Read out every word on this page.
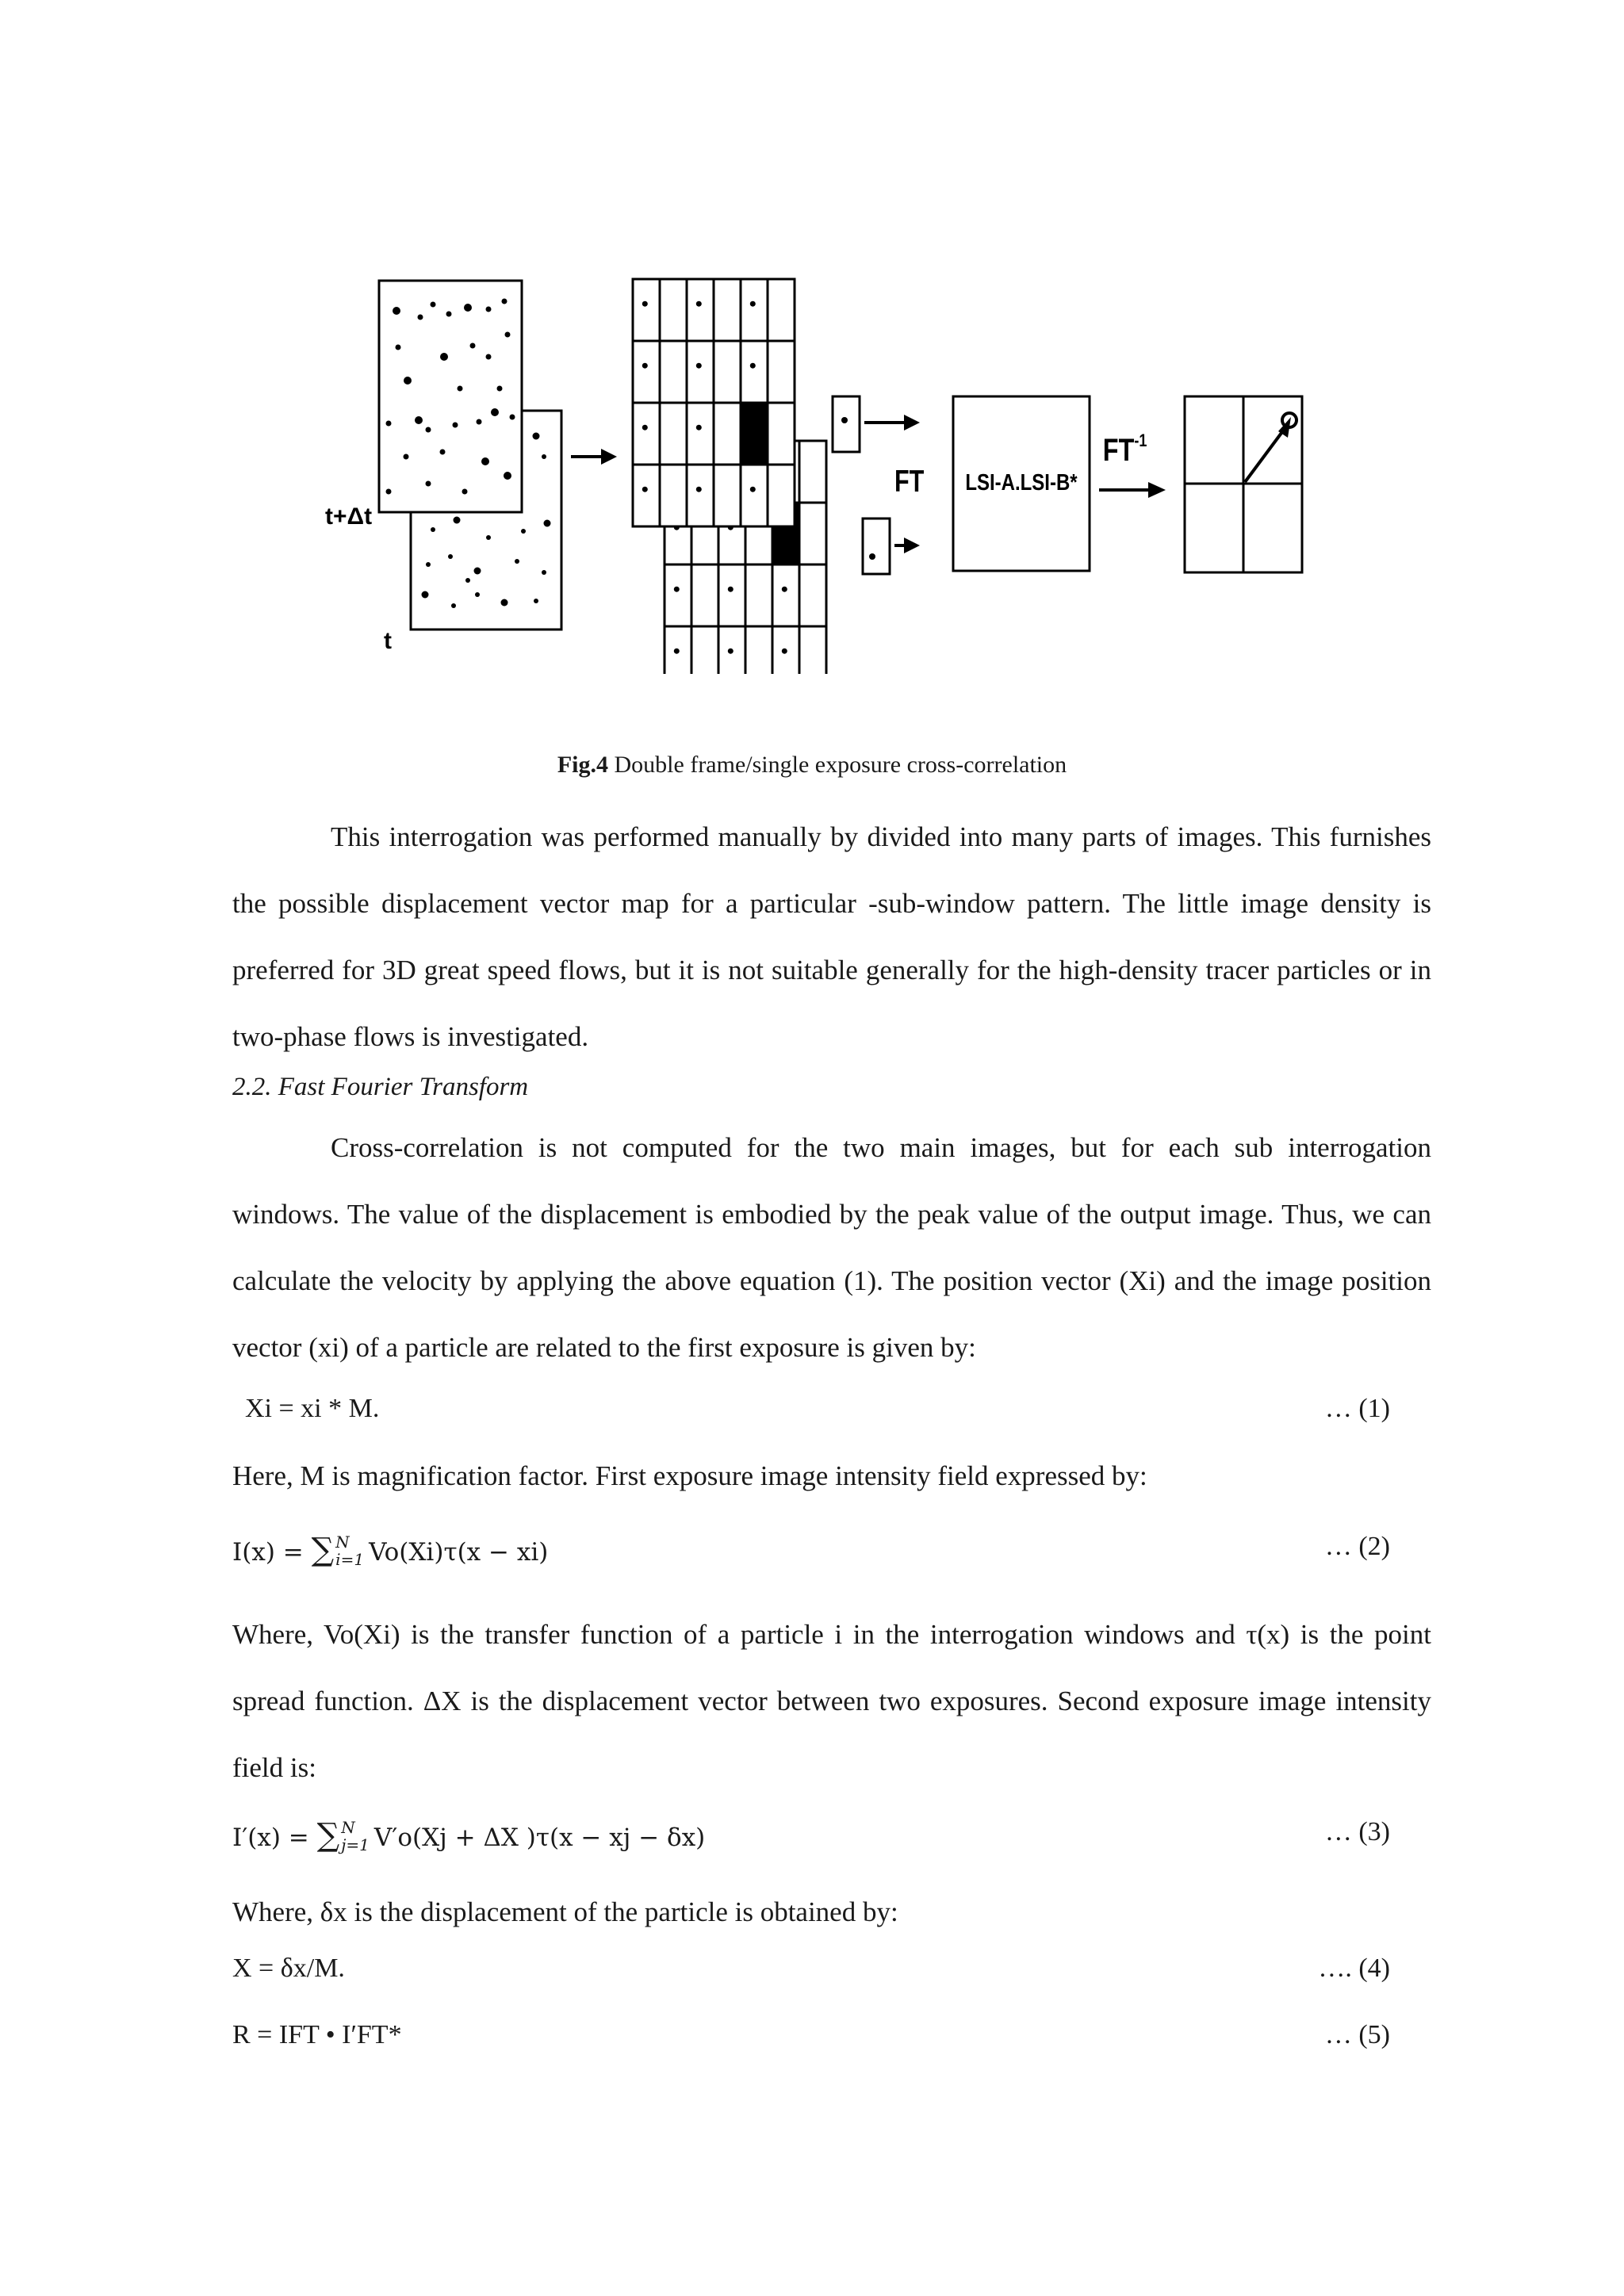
t+Δt
t
FT LSI-A.LSI-B*
$FT^{-1}$
Fig.4 Double frame/single exposure cross-correlation

This interrogation was performed manually by divided into many parts of images. This furnishes the possible displacement vector map for a particular -sub-window pattern. The little image density is preferred for 3D great speed flows, but it is not suitable generally for the high-density tracer particles or in two-phase flows is investigated.

2.2. Fast Fourier Transform

Cross-correlation is not computed for the two main images, but for each sub interrogation windows. The value of the displacement is embodied by the peak value of the output image. Thus, we can calculate the velocity by applying the above equation (1). The position vector (Xi) and the image position vector (xi) of a particle are related to the first exposure is given by:

Xi = xi * M.	… (1)

Here, M is magnification factor. First exposure image intensity field expressed by:

I(x) = ∑ N
i=1 Vo(Xi)τ(x − xi)	… (2)

Where, Vo(Xi) is the transfer function of a particle i in the interrogation windows and τ(x) is the point spread function. ΔX is the displacement vector between two exposures. Second exposure image intensity field is:

I′(x) = ∑ N
j=1 V′o(Xj + ΔX )τ(x − xj − δx)	… (3)

Where, δx is the displacement of the particle is obtained by:

X = δx/M.	…. (4)
R = IFT • I′FT*	… (5)
